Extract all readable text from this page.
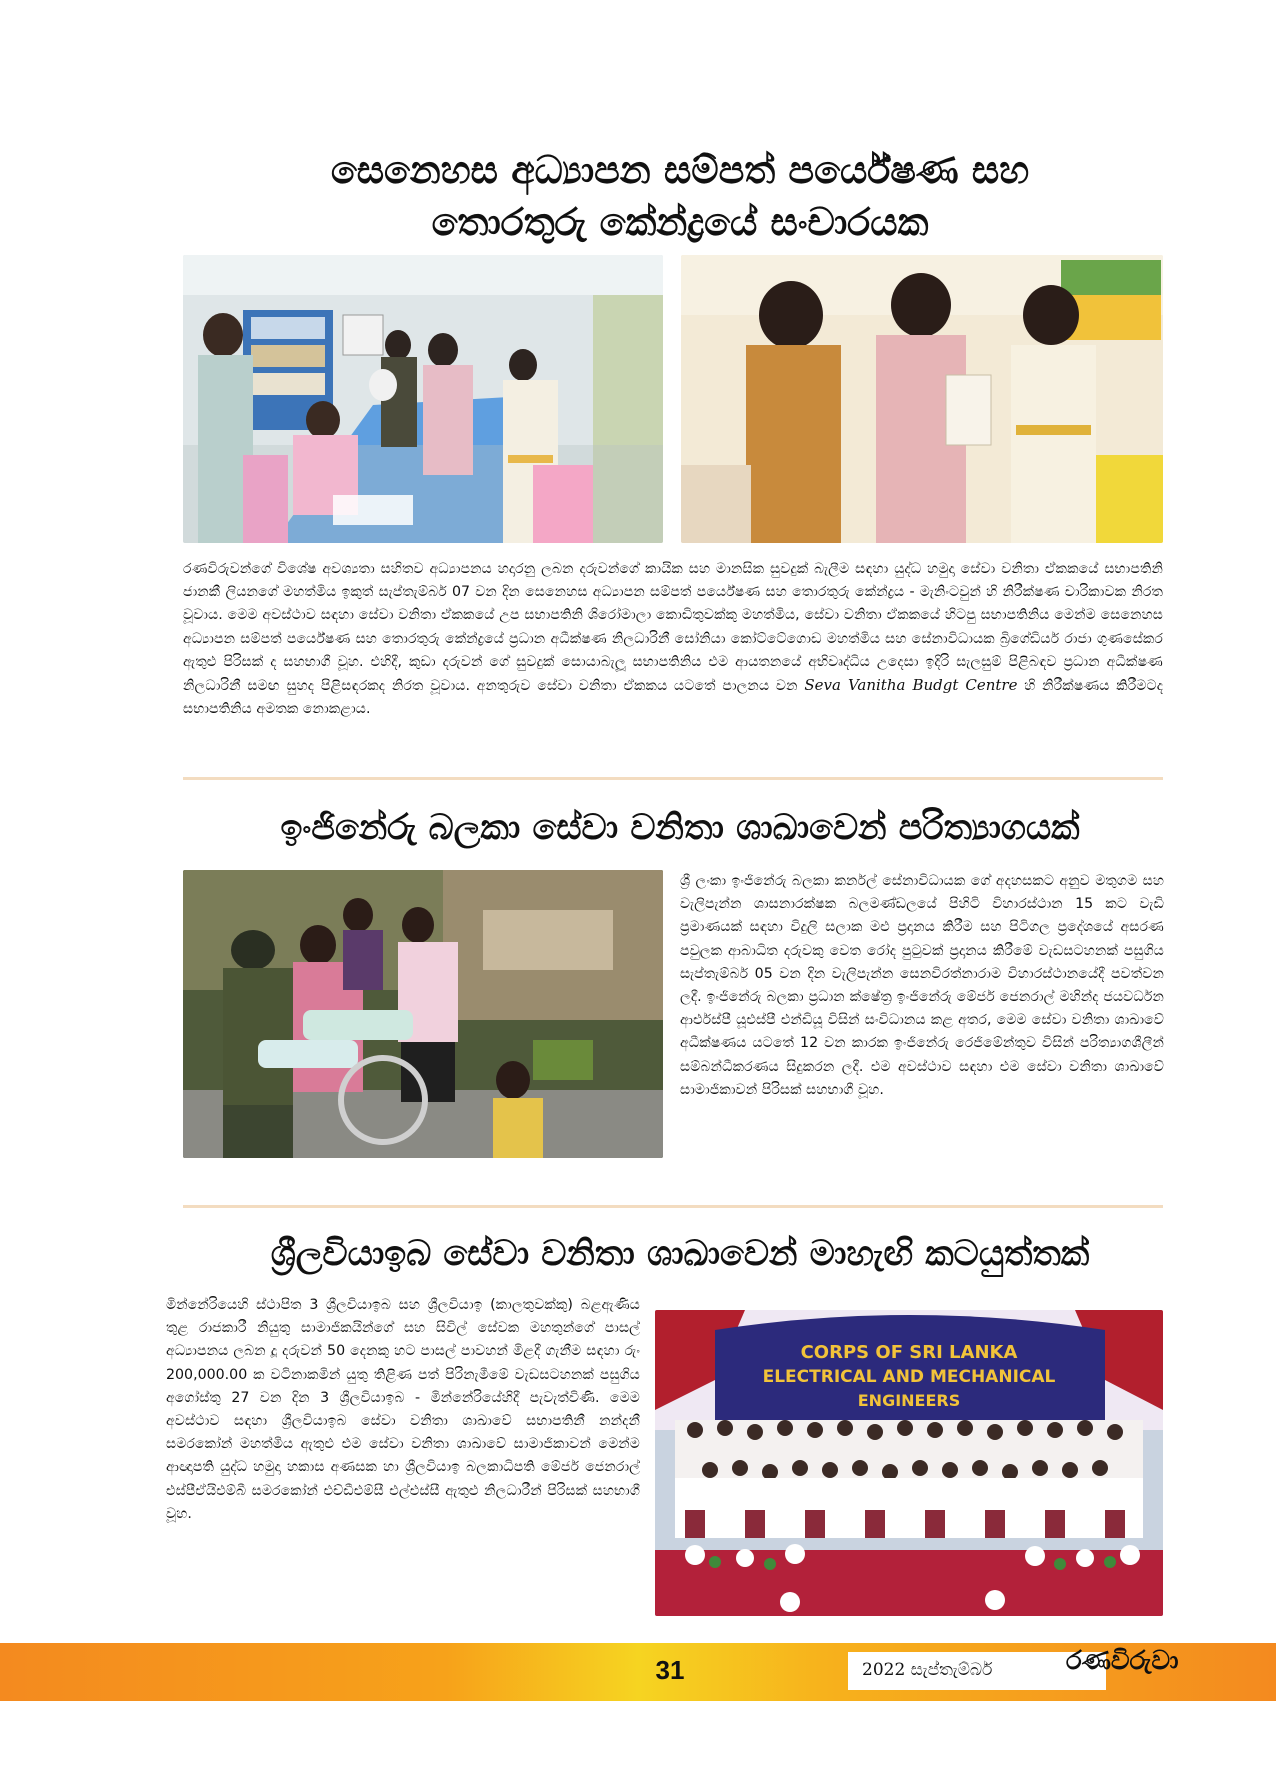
සෙනෙහස අධ්‍යාපන සම්පත් පර්යේෂණ සහ
තොරතුරු කේන්ද්‍රයේ සංචාරයක
රණවිරුවන්ගේ විශේෂ අවශ්‍යතා සහිතව අධ්‍යාපනය හදාරනු ලබන දරුවන්ගේ කායික සහ මානසික සුවදුක් බැලීම සඳහා යුද්ධ හමුදා සේවා වනිතා ඒකකයේ සභාපතිනි ජානකී ලියනගේ මහත්මිය ඉකුත් සැප්තැම්බර් 07 වන දින සෙනෙහස අධ්‍යාපන සම්පත් පර්යේෂණ සහ තොරතුරු කේන්ද්‍රය - මැනිංටවුන් හි නිරීක්ෂණ චාරිකාවක නිරත වූවාය. මෙම අවස්ථාව සඳහා සේවා වනිතා ඒකකයේ උප සභාපතිනි ශිරෝමාලා කොඩිතුවක්කු මහත්මිය, සේවා වනිතා ඒකකයේ හිටපු සභාපතිනිය මෙන්ම සෙනෙහස අධ්‍යාපන සම්පත් පර්යේෂණ සහ තොරතුරු කේන්ද්‍රයේ ප්‍රධාන අධීක්ෂණ නිලධාරිනී සෝනියා කෝට්ටේගොඩ මහත්මිය සහ සේනාවිධායක බ්‍රිගේඩියර් රාජා ගුණසේකර ඇතුළු පිරිසක් ද සහභාගී වූහ. එහිදී, කුඩා දරුවන් ගේ සුවදුක් සොයාබැලූ සභාපතිනිය එම ආයතනයේ අභිවෘද්ධිය උදෙසා ඉදිරි සැලසුම් පිළිබඳව ප්‍රධාන අධීක්ෂණ නිලධාරිනී සමඟ සුහද පිළිසඳරකද නිරත වූවාය. අනතුරුව සේවා වනිතා ඒකකය යටතේ පාලනය වන Seva Vanitha Budgt Centre හි නිරීක්ෂණය කිරීමටද සභාපතිනිය අමතක නොකළාය.
ඉංජිනේරු බලකා සේවා වනිතා ශාඛාවෙන් පරිත්‍යාගයක්
ශ්‍රී ලංකා ඉංජිනේරු බලකා කර්නල් සේනාවිධායක ගේ අදහසකට අනුව මතුගම සහ වැලිපැන්න ශාසනාරක්ෂක බලමණ්ඩලයේ පිහිටි විහාරස්ථාන 15 කට වැඩි ප්‍රමාණයක් සඳහා විදුලි සලාක මළු ප්‍රදානය කිරීම සහ පිටිගල ප්‍රදේශයේ අසරණ පවුලක ආබාධිත දරුවකු වෙත රෝද පුටුවක් ප්‍රදානය කිරීමේ වැඩසටහනක් පසුගිය සැප්තැම්බර් 05 වන දින වැලිපැන්න සෙනවිරත්නාරාම විහාරස්ථානයේදී පවත්වන ලදී. ඉංජිනේරු බලකා ප්‍රධාන ක්ෂේත්‍ර ඉංජිනේරු මේජර් ජෙනරාල් මහින්ද ජයවර්ධන ආර්එස්පී යූඑස්පී එන්ඩියූ විසින් සංවිධානය කළ අතර, මෙම සේවා වනිතා ශාඛාවේ අධීක්ෂණය යටතේ 12 වන කාරක ඉංජිනේරු රෙජිමේන්තුව විසින් පරිත්‍යාගශීලීන් සම්බන්ධීකරණය සිදුකරන ලදී. එම අවස්ථාව සඳහා එම සේවා වනිතා ශාඛාවේ සාමාජිකාවන් පිරිසක් සහභාගී වූහ.
ශ්‍රීලවියාඉබ සේවා වනිතා ශාඛාවෙන් මාහැඟි කටයුත්තක්
මින්නේරියෙහි ස්ථාපිත 3 ශ්‍රීලවියාඉබ සහ ශ්‍රීලවියාඉ (කාලතුවක්කු) බළඇණිය තුළ රාජකාරී නියුතු සාමාජිකයින්ගේ සහ සිවිල් සේවක මහතුන්ගේ පාසල් අධ්‍යාපනය ලබන දූ දරුවන් 50 දෙනකු හට පාසල් පාවහන් මිළදී ගැනීම සඳහා රුං 200,000.00 ක වටිනාකමින් යුතු තිළිණ පත් පිරිනැමීමේ වැඩසටහනක් පසුගිය අගෝස්තු 27 වන දින 3 ශ්‍රීලවියාඉබ - මින්නේරියේහිදී පැවැත්විණි. මෙම අවස්ථාව සඳහා ශ්‍රීලවියාඉබ සේවා වනිතා ශාඛාවේ සභාපතිනී නන්දනී සමරකෝන් මහත්මිය ඇතුළු එම සේවා වනිතා ශාඛාවේ සාමාජිකාවන් මෙන්ම ආඥාපති යුද්ධ හමුදා හකාස අණසක හා ශ්‍රීලවියාඉ බලකාධිපති මේජර් ජෙනරාල් එස්පීඒයිඑම්බී සමරකෝන් එච්ඩීඑම්සී එල්එස්සී ඇතුළු නිලධාරීන් පිරිසක් සහභාගී වූහ.
CORPS OF SRI LANKA
ELECTRICAL AND MECHANICAL
ENGINEERS
31	2022 සැප්තැම්බර්	රණවිරුවා
